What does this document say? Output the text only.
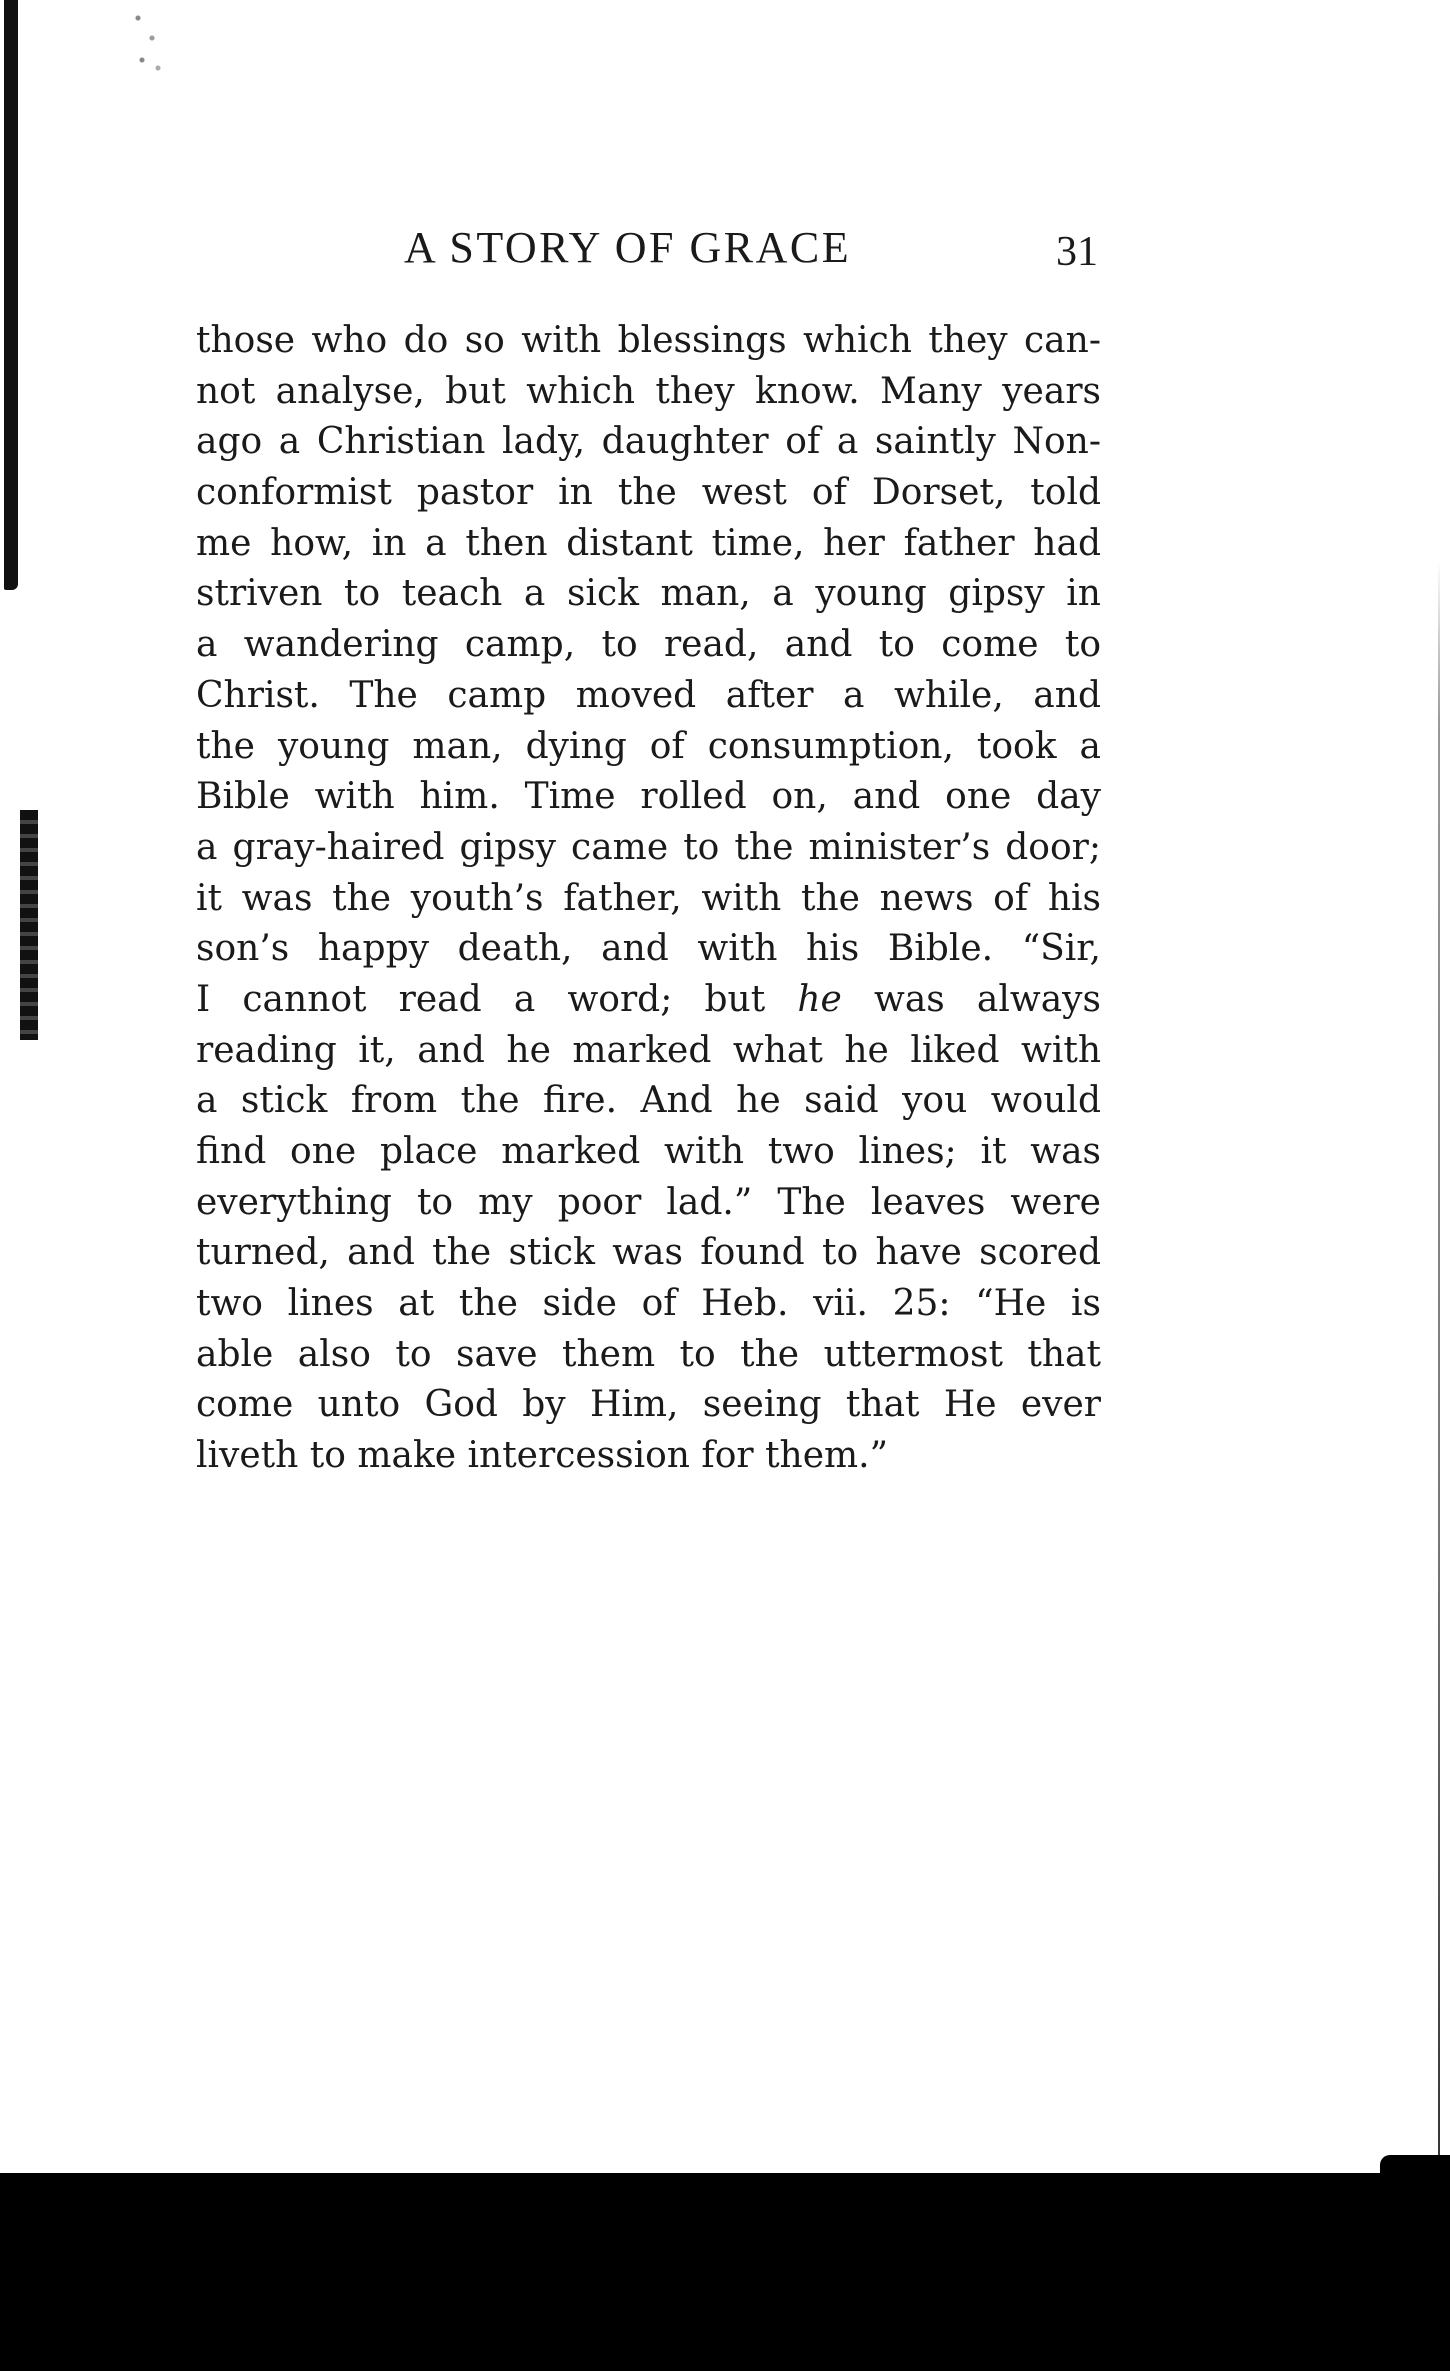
A STORY OF GRACE	31
those who do so with blessings which they can-
not analyse, but which they know. Many years
ago a Christian lady, daughter of a saintly Non-
conformist pastor in the west of Dorset, told
me how, in a then distant time, her father had
striven to teach a sick man, a young gipsy in
a wandering camp, to read, and to come to
Christ. The camp moved after a while, and
the young man, dying of consumption, took a
Bible with him. Time rolled on, and one day
a gray-haired gipsy came to the minister’s door;
it was the youth’s father, with the news of his
son’s happy death, and with his Bible. “Sir,
I cannot read a word; but he was always
reading it, and he marked what he liked with
a stick from the fire. And he said you would
find one place marked with two lines; it was
everything to my poor lad.” The leaves were
turned, and the stick was found to have scored
two lines at the side of Heb. vii. 25: “He is
able also to save them to the uttermost that
come unto God by Him, seeing that He ever
liveth to make intercession for them.”
